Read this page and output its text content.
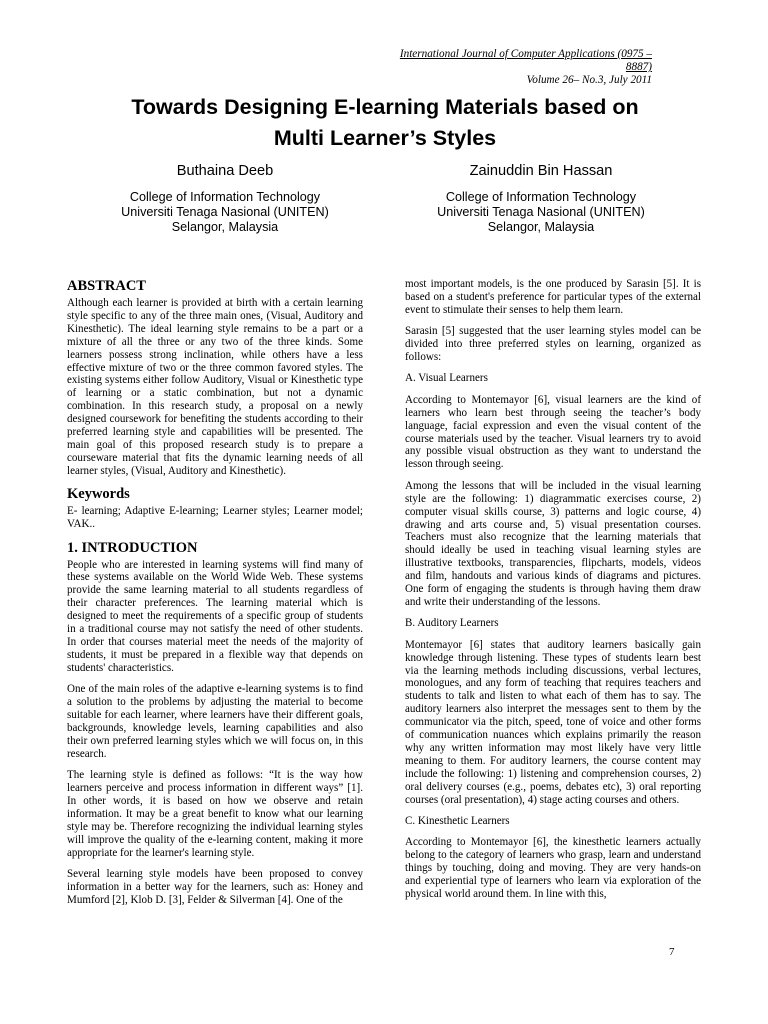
International Journal of Computer Applications (0975 – 8887)
Volume 26– No.3, July 2011
Towards Designing E-learning Materials based on
Multi Learner’s Styles
Buthaina Deeb
College of Information Technology
Universiti Tenaga Nasional (UNITEN)
Selangor, Malaysia
Zainuddin Bin Hassan
College of Information Technology
Universiti Tenaga Nasional (UNITEN)
Selangor, Malaysia
ABSTRACT

Although each learner is provided at birth with a certain learning style specific to any of the three main ones, (Visual, Auditory and Kinesthetic). The ideal learning style remains to be a part or a mixture of all the three or any two of the three kinds. Some learners possess strong inclination, while others have a less effective mixture of two or the three common favored styles. The existing systems either follow Auditory, Visual or Kinesthetic type of learning or a static combination, but not a dynamic combination. In this research study, a proposal on a newly designed coursework for benefiting the students according to their preferred learning style and capabilities will be presented. The main goal of this proposed research study is to prepare a courseware material that fits the dynamic learning needs of all learner styles, (Visual, Auditory and Kinesthetic).

Keywords

E- learning; Adaptive E-learning; Learner styles; Learner model; VAK..

1. INTRODUCTION

People who are interested in learning systems will find many of these systems available on the World Wide Web. These systems provide the same learning material to all students regardless of their character preferences. The learning material which is designed to meet the requirements of a specific group of students in a traditional course may not satisfy the need of other students. In order that courses material meet the needs of the majority of students, it must be prepared in a flexible way that depends on students' characteristics.

One of the main roles of the adaptive e-learning systems is to find a solution to the problems by adjusting the material to become suitable for each learner, where learners have their different goals, backgrounds, knowledge levels, learning capabilities and also their own preferred learning styles which we will focus on, in this research.

The learning style is defined as follows: “It is the way how learners perceive and process information in different ways” [1]. In other words, it is based on how we observe and retain information. It may be a great benefit to know what our learning style may be. Therefore recognizing the individual learning styles will improve the quality of the e-learning content, making it more appropriate for the learner's learning style.

Several learning style models have been proposed to convey information in a better way for the learners, such as: Honey and Mumford [2], Klob D. [3], Felder & Silverman [4]. One of the

most important models, is the one produced by Sarasin [5]. It is based on a student's preference for particular types of the external event to stimulate their senses to help them learn.

Sarasin [5] suggested that the user learning styles model can be divided into three preferred styles on learning, organized as follows:

A. Visual Learners

According to Montemayor [6], visual learners are the kind of learners who learn best through seeing the teacher’s body language, facial expression and even the visual content of the course materials used by the teacher. Visual learners try to avoid any possible visual obstruction as they want to understand the lesson through seeing.

Among the lessons that will be included in the visual learning style are the following: 1) diagrammatic exercises course, 2) computer visual skills course, 3) patterns and logic course, 4) drawing and arts course and, 5) visual presentation courses. Teachers must also recognize that the learning materials that should ideally be used in teaching visual learning styles are illustrative textbooks, transparencies, flipcharts, models, videos and film, handouts and various kinds of diagrams and pictures. One form of engaging the students is through having them draw and write their understanding of the lessons.

B. Auditory Learners

Montemayor [6] states that auditory learners basically gain knowledge through listening. These types of students learn best via the learning methods including discussions, verbal lectures, monologues, and any form of teaching that requires teachers and students to talk and listen to what each of them has to say. The auditory learners also interpret the messages sent to them by the communicator via the pitch, speed, tone of voice and other forms of communication nuances which explains primarily the reason why any written information may most likely have very little meaning to them. For auditory learners, the course content may include the following: 1) listening and comprehension courses, 2) oral delivery courses (e.g., poems, debates etc), 3) oral reporting courses (oral presentation), 4) stage acting courses and others.

C. Kinesthetic Learners

According to Montemayor [6], the kinesthetic learners actually belong to the category of learners who grasp, learn and understand things by touching, doing and moving. They are very hands-on and experiential type of learners who learn via exploration of the physical world around them. In line with this,

7
